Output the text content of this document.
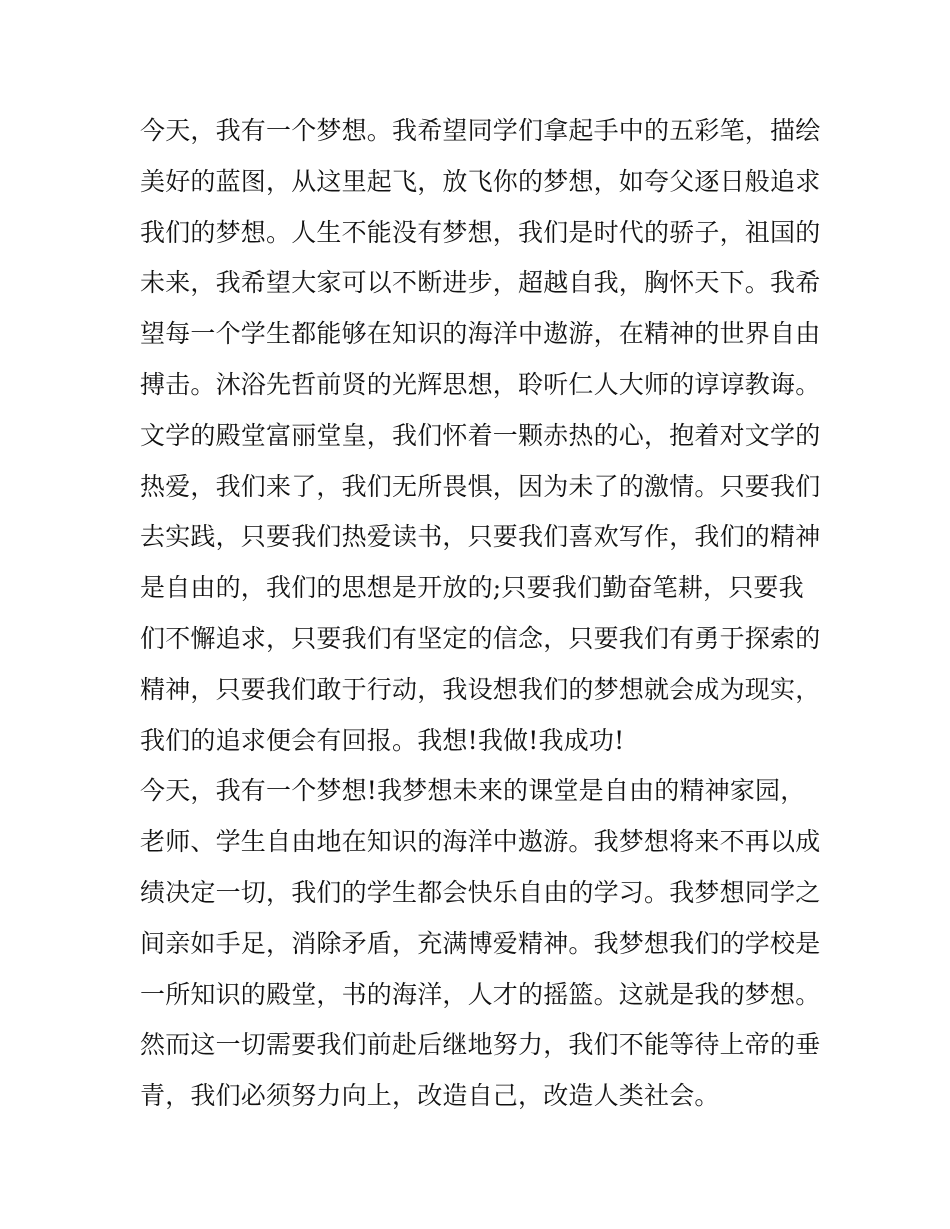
今天，我有一个梦想。我希望同学们拿起手中的五彩笔，描绘
美好的蓝图，从这里起飞，放飞你的梦想，如夸父逐日般追求
我们的梦想。人生不能没有梦想，我们是时代的骄子，祖国的
未来，我希望大家可以不断进步，超越自我，胸怀天下。我希
望每一个学生都能够在知识的海洋中遨游，在精神的世界自由
搏击。沐浴先哲前贤的光辉思想，聆听仁人大师的谆谆教诲。
文学的殿堂富丽堂皇，我们怀着一颗赤热的心，抱着对文学的
热爱，我们来了，我们无所畏惧，因为未了的激情。只要我们
去实践，只要我们热爱读书，只要我们喜欢写作，我们的精神
是自由的，我们的思想是开放的;只要我们勤奋笔耕，只要我
们不懈追求，只要我们有坚定的信念，只要我们有勇于探索的
精神，只要我们敢于行动，我设想我们的梦想就会成为现实，
我们的追求便会有回报。我想!我做!我成功!
今天，我有一个梦想!我梦想未来的课堂是自由的精神家园，
老师、学生自由地在知识的海洋中遨游。我梦想将来不再以成
绩决定一切，我们的学生都会快乐自由的学习。我梦想同学之
间亲如手足，消除矛盾，充满博爱精神。我梦想我们的学校是
一所知识的殿堂，书的海洋，人才的摇篮。这就是我的梦想。
然而这一切需要我们前赴后继地努力，我们不能等待上帝的垂
青，我们必须努力向上，改造自己，改造人类社会。
